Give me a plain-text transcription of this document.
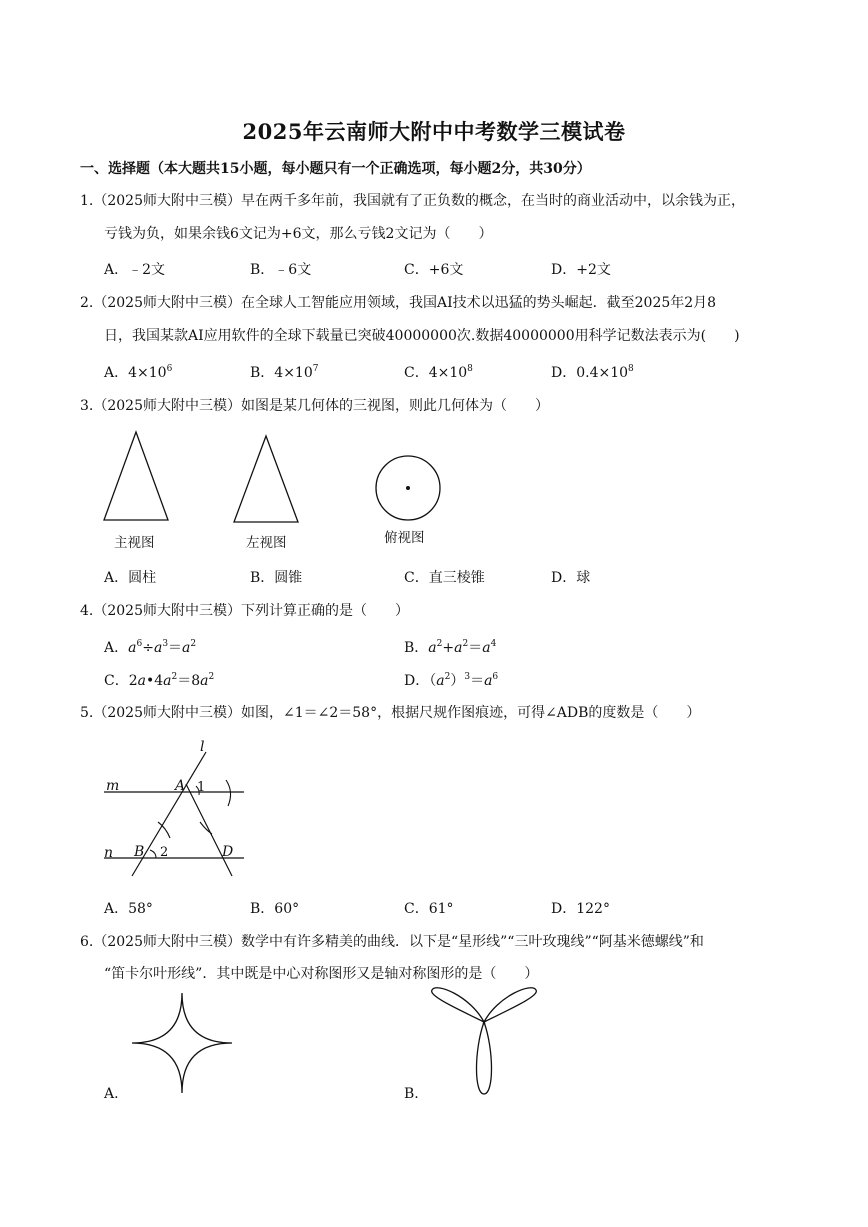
2025年云南师大附中中考数学三模试卷
一、选择题（本大题共15小题，每小题只有一个正确选项，每小题2分，共30分）
1.（2025师大附中三模）早在两千多年前，我国就有了正负数的概念，在当时的商业活动中，以余钱为正，
亏钱为负，如果余钱6文记为+6文，那么亏钱2文记为（　　）
A．﹣2文	B．﹣6文	C．+6文	D．+2文
2.（2025师大附中三模）在全球人工智能应用领域，我国AI技术以迅猛的势头崛起．截至2025年2月8
日，我国某款AI应用软件的全球下载量已突破40000000次.数据40000000用科学记数法表示为(　　)
A．$4\times 10^6$	B．$4\times 10^7$	C．$4\times 10^8$	D．$0.4\times 10^8$
3.（2025师大附中三模）如图是某几何体的三视图，则此几何体为（　　）
主视图	左视图	俯视图
A．圆柱	B．圆锥	C．直三棱锥	D．球
4.（2025师大附中三模）下列计算正确的是（　　）
A．$a^6\div a^3=a^2$	B．$a^2+a^2=a^4$
C．$2a•4a^2=8a^2$	D．$(a^2)^3=a^6$
5.（2025师大附中三模）如图，∠1＝∠2＝58°，根据尺规作图痕迹，可得∠ADB的度数是（　　）
l
m
n
A 1
B 2	D
A．58°	B．60°	C．61°	D．122°
6.（2025师大附中三模）数学中有许多精美的曲线．以下是“星形线”“三叶玫瑰线”“阿基米德螺线”和
“笛卡尔叶形线”．其中既是中心对称图形又是轴对称图形的是（　　）
A.	B.
